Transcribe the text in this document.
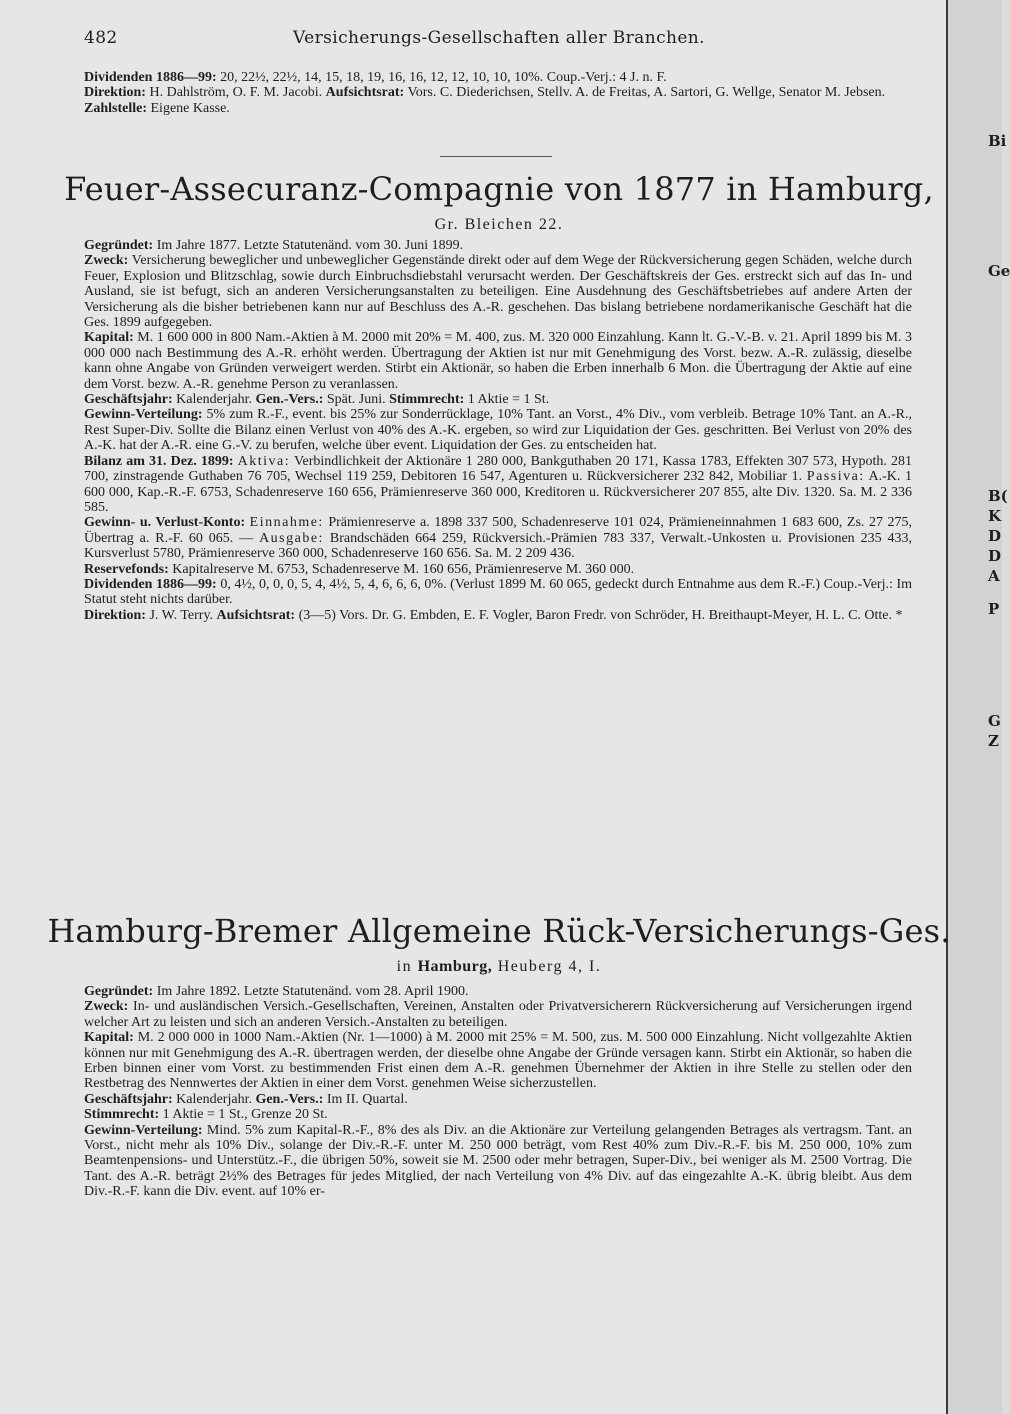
Bi
Ge
B(
K
D
D
A
P
G
Z
482	Versicherungs-Gesellschaften aller Branchen.

Dividenden 1886—99: 20, 22½, 22½, 14, 15, 18, 19, 16, 16, 12, 12, 10, 10, 10%. Coup.-Verj.: 4 J. n. F.

Direktion: H. Dahlström, O. F. M. Jacobi. Aufsichtsrat: Vors. C. Diederichsen, Stellv. A. de Freitas, A. Sartori, G. Wellge, Senator M. Jebsen.

Zahlstelle: Eigene Kasse.

Feuer-Assecuranz-Compagnie von 1877 in Hamburg,
Gr. Bleichen 22.

Gegründet: Im Jahre 1877. Letzte Statutenänd. vom 30. Juni 1899.

Zweck: Versicherung beweglicher und unbeweglicher Gegenstände direkt oder auf dem Wege der Rückversicherung gegen Schäden, welche durch Feuer, Explosion und Blitzschlag, sowie durch Einbruchsdiebstahl verursacht werden. Der Geschäftskreis der Ges. erstreckt sich auf das In- und Ausland, sie ist befugt, sich an anderen Versicherungsanstalten zu beteiligen. Eine Ausdehnung des Geschäftsbetriebes auf andere Arten der Versicherung als die bisher betriebenen kann nur auf Beschluss des A.-R. geschehen. Das bislang betriebene nordamerikanische Geschäft hat die Ges. 1899 aufgegeben.

Kapital: M. 1 600 000 in 800 Nam.-Aktien à M. 2000 mit 20% = M. 400, zus. M. 320 000 Einzahlung. Kann lt. G.-V.-B. v. 21. April 1899 bis M. 3 000 000 nach Bestimmung des A.-R. erhöht werden. Übertragung der Aktien ist nur mit Genehmigung des Vorst. bezw. A.-R. zulässig, dieselbe kann ohne Angabe von Gründen verweigert werden. Stirbt ein Aktionär, so haben die Erben innerhalb 6 Mon. die Übertragung der Aktie auf eine dem Vorst. bezw. A.-R. genehme Person zu veranlassen.

Geschäftsjahr: Kalenderjahr. Gen.-Vers.: Spät. Juni. Stimmrecht: 1 Aktie = 1 St.

Gewinn-Verteilung: 5% zum R.-F., event. bis 25% zur Sonderrücklage, 10% Tant. an Vorst., 4% Div., vom verbleib. Betrage 10% Tant. an A.-R., Rest Super-Div. Sollte die Bilanz einen Verlust von 40% des A.-K. ergeben, so wird zur Liquidation der Ges. geschritten. Bei Verlust von 20% des A.-K. hat der A.-R. eine G.-V. zu berufen, welche über event. Liquidation der Ges. zu entscheiden hat.

Bilanz am 31. Dez. 1899: Aktiva: Verbindlichkeit der Aktionäre 1 280 000, Bankguthaben 20 171, Kassa 1783, Effekten 307 573, Hypoth. 281 700, zinstragende Guthaben 76 705, Wechsel 119 259, Debitoren 16 547, Agenturen u. Rückversicherer 232 842, Mobiliar 1. Passiva: A.-K. 1 600 000, Kap.-R.-F. 6753, Schadenreserve 160 656, Prämienreserve 360 000, Kreditoren u. Rückversicherer 207 855, alte Div. 1320. Sa. M. 2 336 585.

Gewinn- u. Verlust-Konto: Einnahme: Prämienreserve a. 1898 337 500, Schadenreserve 101 024, Prämieneinnahmen 1 683 600, Zs. 27 275, Übertrag a. R.-F. 60 065. — Ausgabe: Brandschäden 664 259, Rückversich.-Prämien 783 337, Verwalt.-Unkosten u. Provisionen 235 433, Kursverlust 5780, Prämienreserve 360 000, Schadenreserve 160 656. Sa. M. 2 209 436.

Reservefonds: Kapitalreserve M. 6753, Schadenreserve M. 160 656, Prämienreserve M. 360 000.

Dividenden 1886—99: 0, 4½, 0, 0, 0, 5, 4, 4½, 5, 4, 6, 6, 6, 0%. (Verlust 1899 M. 60 065, gedeckt durch Entnahme aus dem R.-F.) Coup.-Verj.: Im Statut steht nichts darüber.

Direktion: J. W. Terry. Aufsichtsrat: (3—5) Vors. Dr. G. Embden, E. F. Vogler, Baron Fredr. von Schröder, H. Breithaupt-Meyer, H. L. C. Otte. *

Hamburg-Bremer Allgemeine Rück-Versicherungs-Ges.
in Hamburg, Heuberg 4, I.

Gegründet: Im Jahre 1892. Letzte Statutenänd. vom 28. April 1900.

Zweck: In- und ausländischen Versich.-Gesellschaften, Vereinen, Anstalten oder Privatversicherern Rückversicherung auf Versicherungen irgend welcher Art zu leisten und sich an anderen Versich.-Anstalten zu beteiligen.

Kapital: M. 2 000 000 in 1000 Nam.-Aktien (Nr. 1—1000) à M. 2000 mit 25% = M. 500, zus. M. 500 000 Einzahlung. Nicht vollgezahlte Aktien können nur mit Genehmigung des A.-R. übertragen werden, der dieselbe ohne Angabe der Gründe versagen kann. Stirbt ein Aktionär, so haben die Erben binnen einer vom Vorst. zu bestimmenden Frist einen dem A.-R. genehmen Übernehmer der Aktien in ihre Stelle zu stellen oder den Restbetrag des Nennwertes der Aktien in einer dem Vorst. genehmen Weise sicherzustellen.

Geschäftsjahr: Kalenderjahr. Gen.-Vers.: Im II. Quartal.

Stimmrecht: 1 Aktie = 1 St., Grenze 20 St.

Gewinn-Verteilung: Mind. 5% zum Kapital-R.-F., 8% des als Div. an die Aktionäre zur Verteilung gelangenden Betrages als vertragsm. Tant. an Vorst., nicht mehr als 10% Div., solange der Div.-R.-F. unter M. 250 000 beträgt, vom Rest 40% zum Div.-R.-F. bis M. 250 000, 10% zum Beamtenpensions- und Unterstütz.-F., die übrigen 50%, soweit sie M. 2500 oder mehr betragen, Super-Div., bei weniger als M. 2500 Vortrag. Die Tant. des A.-R. beträgt 2½% des Betrages für jedes Mitglied, der nach Verteilung von 4% Div. auf das eingezahlte A.-K. übrig bleibt. Aus dem Div.-R.-F. kann die Div. event. auf 10% er-
